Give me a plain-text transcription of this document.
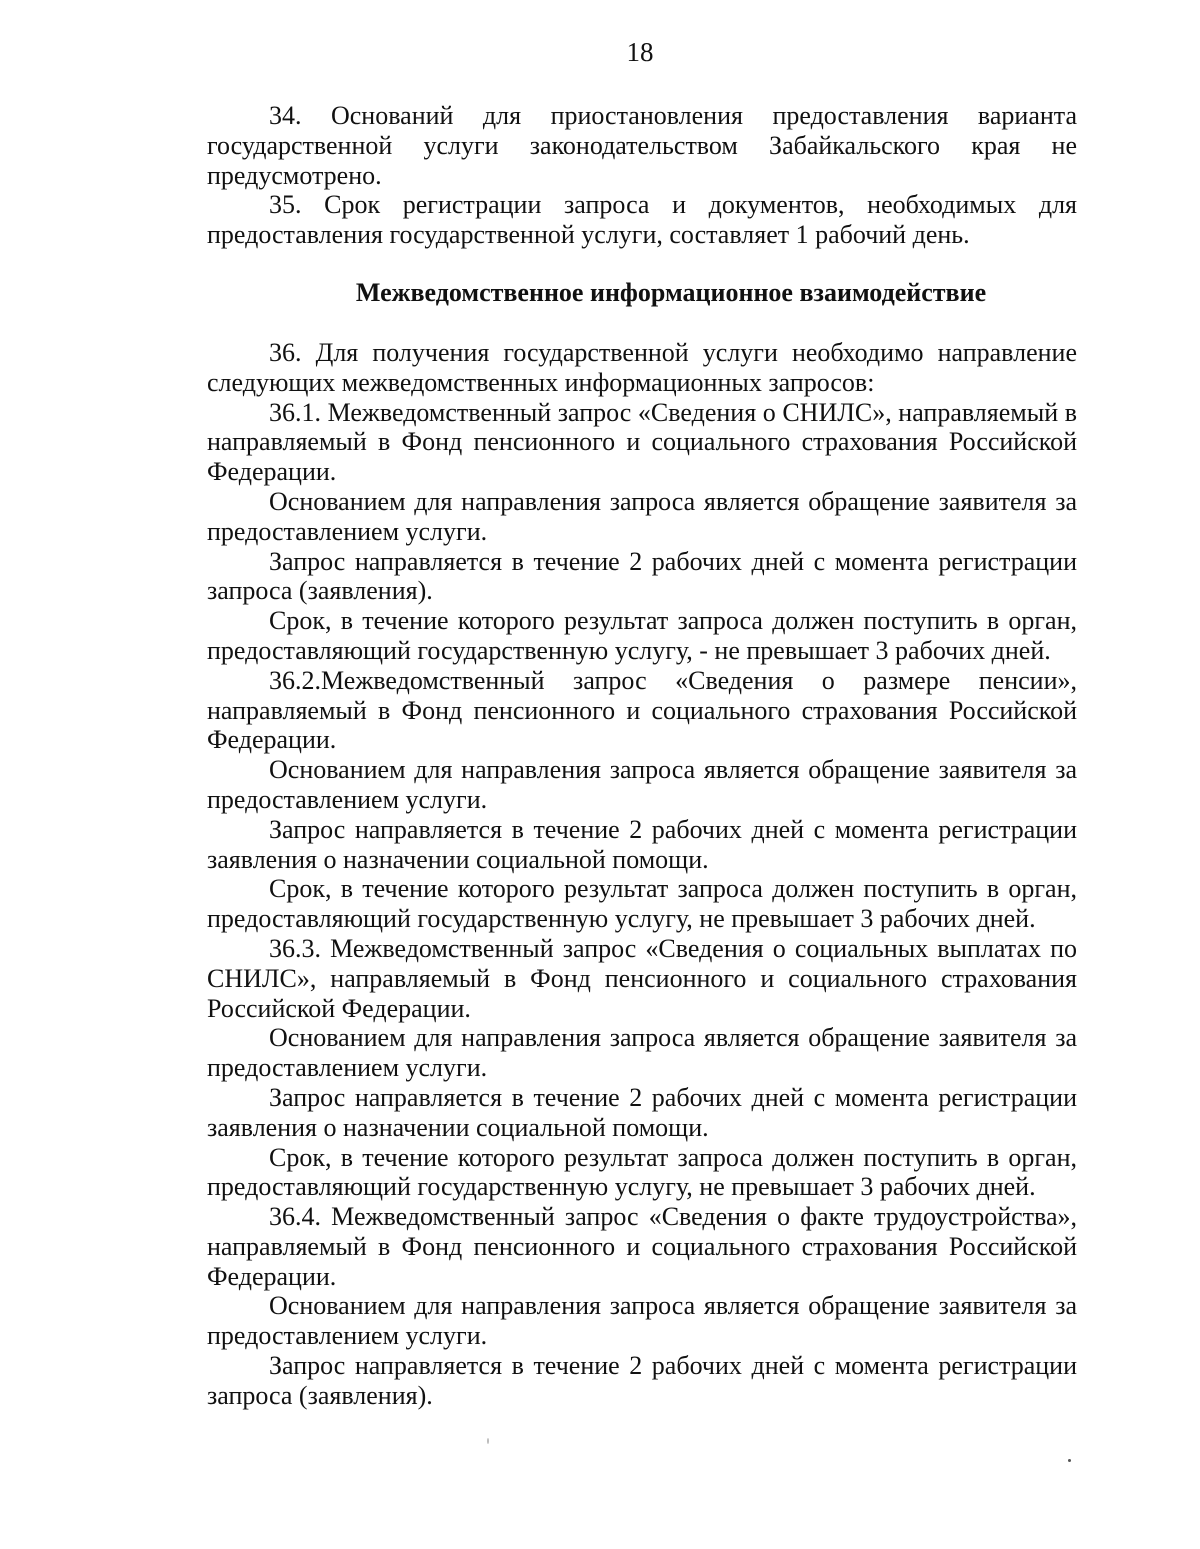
18

34. Оснований для приостановления предоставления варианта государственной услуги законодательством Забайкальского края не предусмотрено.

35. Срок регистрации запроса и документов, необходимых для предоставления государственной услуги, составляет 1 рабочий день.

Межведомственное информационное взаимодействие

36. Для получения государственной услуги необходимо направление следующих межведомственных информационных запросов:

36.1. Межведомственный запрос «Сведения о СНИЛС», направляемый в направляемый в Фонд пенсионного и социального страхования Российской Федерации.

Основанием для направления запроса является обращение заявителя за предоставлением услуги.

Запрос направляется в течение 2 рабочих дней с момента регистрации запроса (заявления).

Срок, в течение которого результат запроса должен поступить в орган, предоставляющий государственную услугу, - не превышает 3 рабочих дней.

36.2.Межведомственный запрос «Сведения о размере пенсии», направляемый в Фонд пенсионного и социального страхования Российской Федерации.

Основанием для направления запроса является обращение заявителя за предоставлением услуги.

Запрос направляется в течение 2 рабочих дней с момента регистрации заявления о назначении социальной помощи.

Срок, в течение которого результат запроса должен поступить в орган, предоставляющий государственную услугу, не превышает 3 рабочих дней.

36.3. Межведомственный запрос «Сведения о социальных выплатах по СНИЛС», направляемый в Фонд пенсионного и социального страхования Российской Федерации.

Основанием для направления запроса является обращение заявителя за предоставлением услуги.

Запрос направляется в течение 2 рабочих дней с момента регистрации заявления о назначении социальной помощи.

Срок, в течение которого результат запроса должен поступить в орган, предоставляющий государственную услугу, не превышает 3 рабочих дней.

36.4. Межведомственный запрос «Сведения о факте трудоустройства», направляемый в Фонд пенсионного и социального страхования Российской Федерации.

Основанием для направления запроса является обращение заявителя за предоставлением услуги.

Запрос направляется в течение 2 рабочих дней с момента регистрации запроса (заявления).
